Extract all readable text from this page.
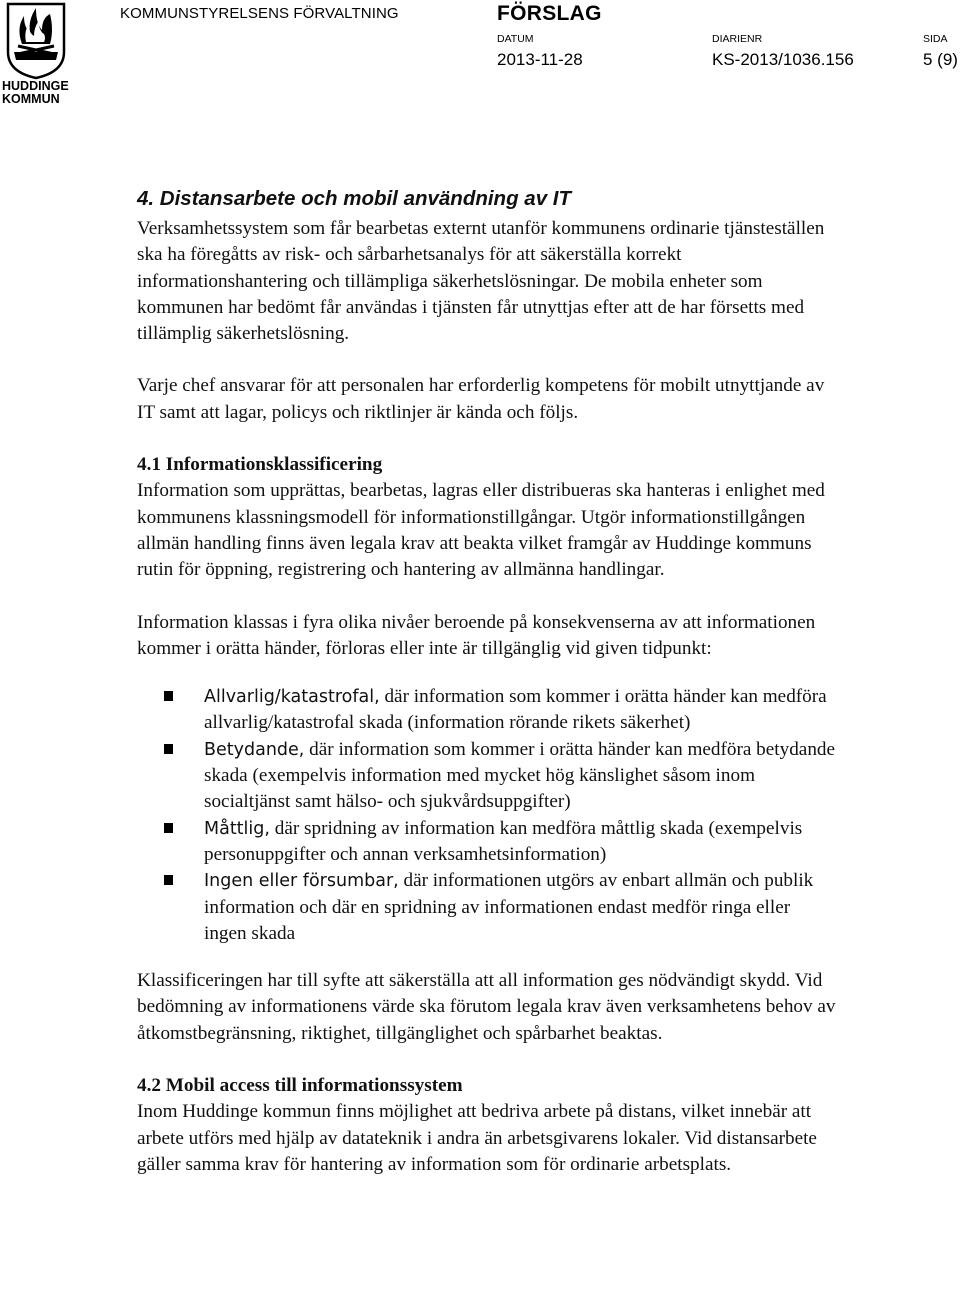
HUDDINGE
KOMMUN
KOMMUNSTYRELSENS FÖRVALTNING	FÖRSLAG
DATUM
2013-11-28
DIARIENR
KS-2013/1036.156
SIDA
5 (9)
4. Distansarbete och mobil användning av IT

Verksamhetssystem som får bearbetas externt utanför kommunens ordinarie tjänsteställen ska ha föregåtts av risk- och sårbarhetsanalys för att säkerställa korrekt informationshantering och tillämpliga säkerhetslösningar. De mobila enheter som kommunen har bedömt får användas i tjänsten får utnyttjas efter att de har försetts med tillämplig säkerhetslösning.

Varje chef ansvarar för att personalen har erforderlig kompetens för mobilt utnyttjande av IT samt att lagar, policys och riktlinjer är kända och följs.

4.1 Informationsklassificering

Information som upprättas, bearbetas, lagras eller distribueras ska hanteras i enlighet med kommunens klassningsmodell för informationstillgångar. Utgör informationstillgången allmän handling finns även legala krav att beakta vilket framgår av Huddinge kommuns rutin för öppning, registrering och hantering av allmänna handlingar.

Information klassas i fyra olika nivåer beroende på konsekvenserna av att informationen kommer i orätta händer, förloras eller inte är tillgänglig vid given tidpunkt:

Allvarlig/katastrofal, där information som kommer i orätta händer kan medföra allvarlig/katastrofal skada (information rörande rikets säkerhet)
Betydande, där information som kommer i orätta händer kan medföra betydande skada (exempelvis information med mycket hög känslighet såsom inom socialtjänst samt hälso- och sjukvårdsuppgifter)
Måttlig, där spridning av information kan medföra måttlig skada (exempelvis personuppgifter och annan verksamhetsinformation)
Ingen eller försumbar, där informationen utgörs av enbart allmän och publik information och där en spridning av informationen endast medför ringa eller ingen skada

Klassificeringen har till syfte att säkerställa att all information ges nödvändigt skydd. Vid bedömning av informationens värde ska förutom legala krav även verksamhetens behov av åtkomstbegränsning, riktighet, tillgänglighet och spårbarhet beaktas.

4.2 Mobil access till informationssystem

Inom Huddinge kommun finns möjlighet att bedriva arbete på distans, vilket innebär att arbete utförs med hjälp av datateknik i andra än arbetsgivarens lokaler. Vid distansarbete gäller samma krav för hantering av information som för ordinarie arbetsplats.
